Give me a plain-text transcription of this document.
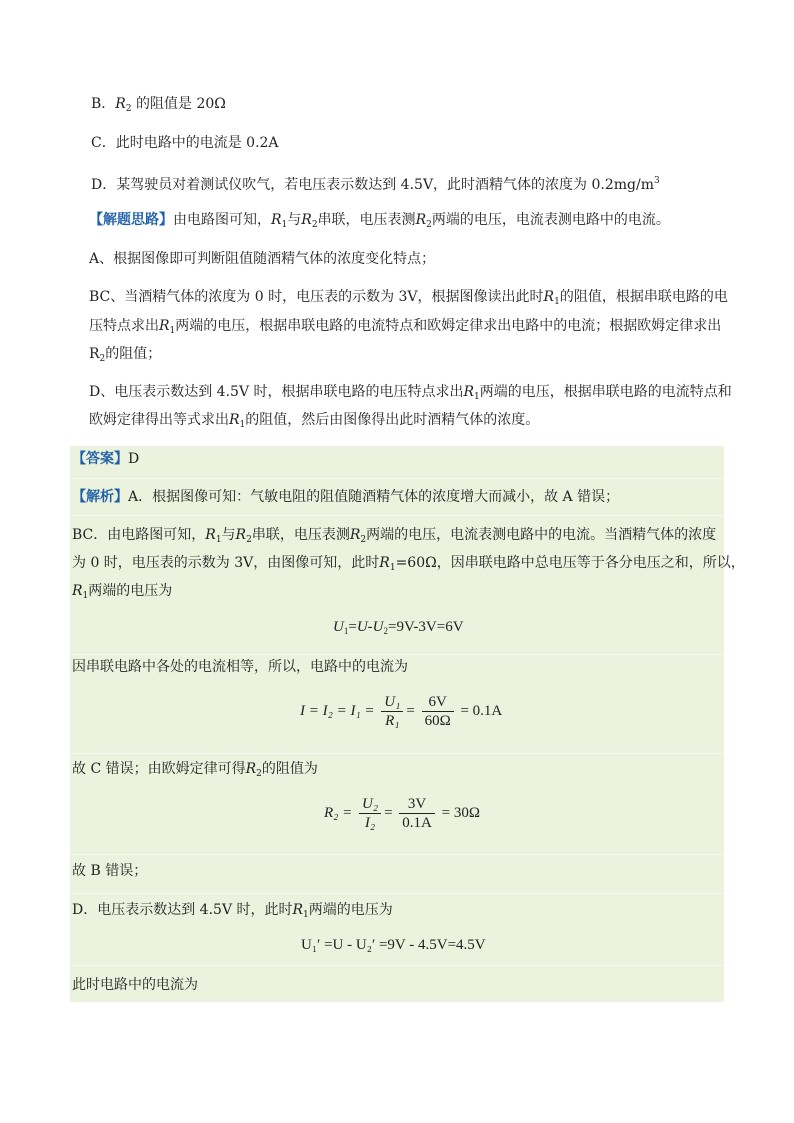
B．$R_2$ 的阻值是 20Ω
C．此时电路中的电流是 0.2A
D．某驾驶员对着测试仪吹气，若电压表示数达到 4.5V，此时酒精气体的浓度为 $0.2mg/m^3$
【解题思路】由电路图可知，$R_1$与$R_2$串联，电压表测$R_2$两端的电压，电流表测电路中的电流。
A、根据图像即可判断阻值随酒精气体的浓度变化特点；
BC、当酒精气体的浓度为 0 时，电压表的示数为 3V，根据图像读出此时$R_1$的阻值，根据串联电路的电
压特点求出$R_1$两端的电压，根据串联电路的电流特点和欧姆定律求出电路中的电流；根据欧姆定律求出
$R_2$的阻值；
D、电压表示数达到 4.5V 时，根据串联电路的电压特点求出$R_1$两端的电压，根据串联电路的电流特点和
欧姆定律得出等式求出$R_1$的阻值，然后由图像得出此时酒精气体的浓度。
【答案】D
【解析】A．根据图像可知：气敏电阻的阻值随酒精气体的浓度增大而减小，故 A 错误；
BC．由电路图可知，$R_1$与$R_2$串联，电压表测$R_2$两端的电压，电流表测电路中的电流。当酒精气体的浓度
为 0 时，电压表的示数为 3V，由图像可知，此时$R_1=60\Omega$，因串联电路中总电压等于各分电压之和，所以，
$R_1$两端的电压为
$U_1=U-U_2=9V-3V=6V$
因串联电路中各处的电流相等，所以，电路中的电流为
$I = I_2 = I_1 = \frac{\text{U₁}}{\text{R₁}} = \frac{6V}{60\Omega} = 0.1A$
故 C 错误；由欧姆定律可得$R_2$的阻值为
$R_2 = \frac{\text{U₂}}{\text{I₂}} = \frac{3V}{0.1A} = 30\Omega$
故 B 错误；
D．电压表示数达到 4.5V 时，此时$R_1$两端的电压为
U₁′ =U - U₂′ =9V - 4.5V=4.5V
此时电路中的电流为
